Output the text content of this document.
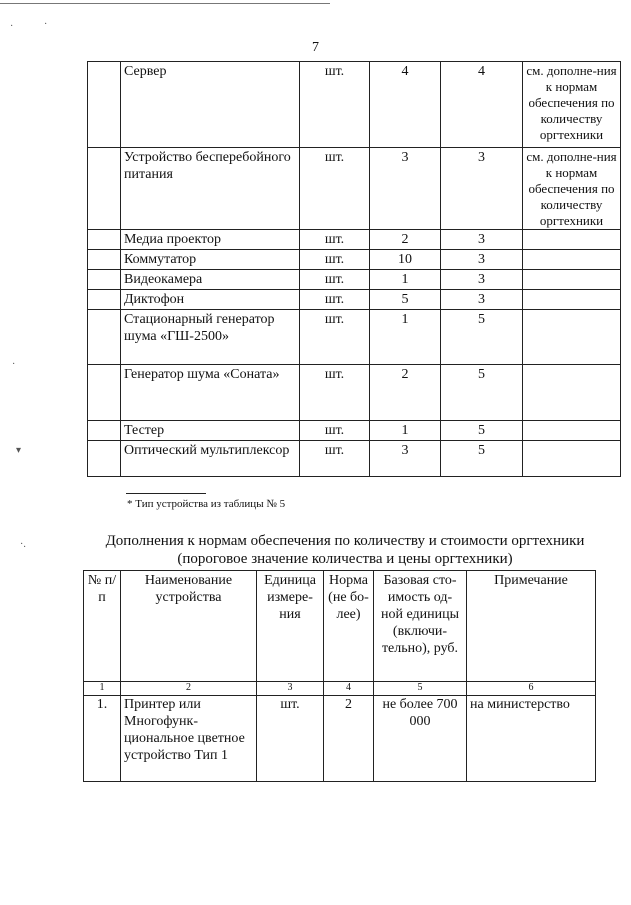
·	·
·
▾
·.
7
	Сервер	шт.	4	4	см. дополне-ния к нормам обеспечения по количеству оргтехники
	Устройство бесперебойного питания	шт.	3	3	см. дополне-ния к нормам обеспечения по количеству оргтехники
	Медиа проектор	шт.	2	3	
	Коммутатор	шт.	10	3	
	Видеокамера	шт.	1	3	
	Диктофон	шт.	5	3	
	Стационарный генератор шума «ГШ-2500»	шт.	1	5	
	Генератор шума «Соната»	шт.	2	5	
	Тестер	шт.	1	5	
	Оптический мультиплексор	шт.	3	5	
* Тип устройства из таблицы № 5
Дополнения к нормам обеспечения по количеству и стоимости оргтехники
(пороговое значение количества и цены оргтехники)
№ п/п	Наименование устройства	Единица измере-ния	Норма (не бо-лее)	Базовая сто-имость од-ной единицы (включи-тельно), руб.	Примечание
1	2	3	4	5	6
1.	Принтер или Многофунк-циональное цветное устройство Тип 1	шт.	2	не более 700 000	на министерство
